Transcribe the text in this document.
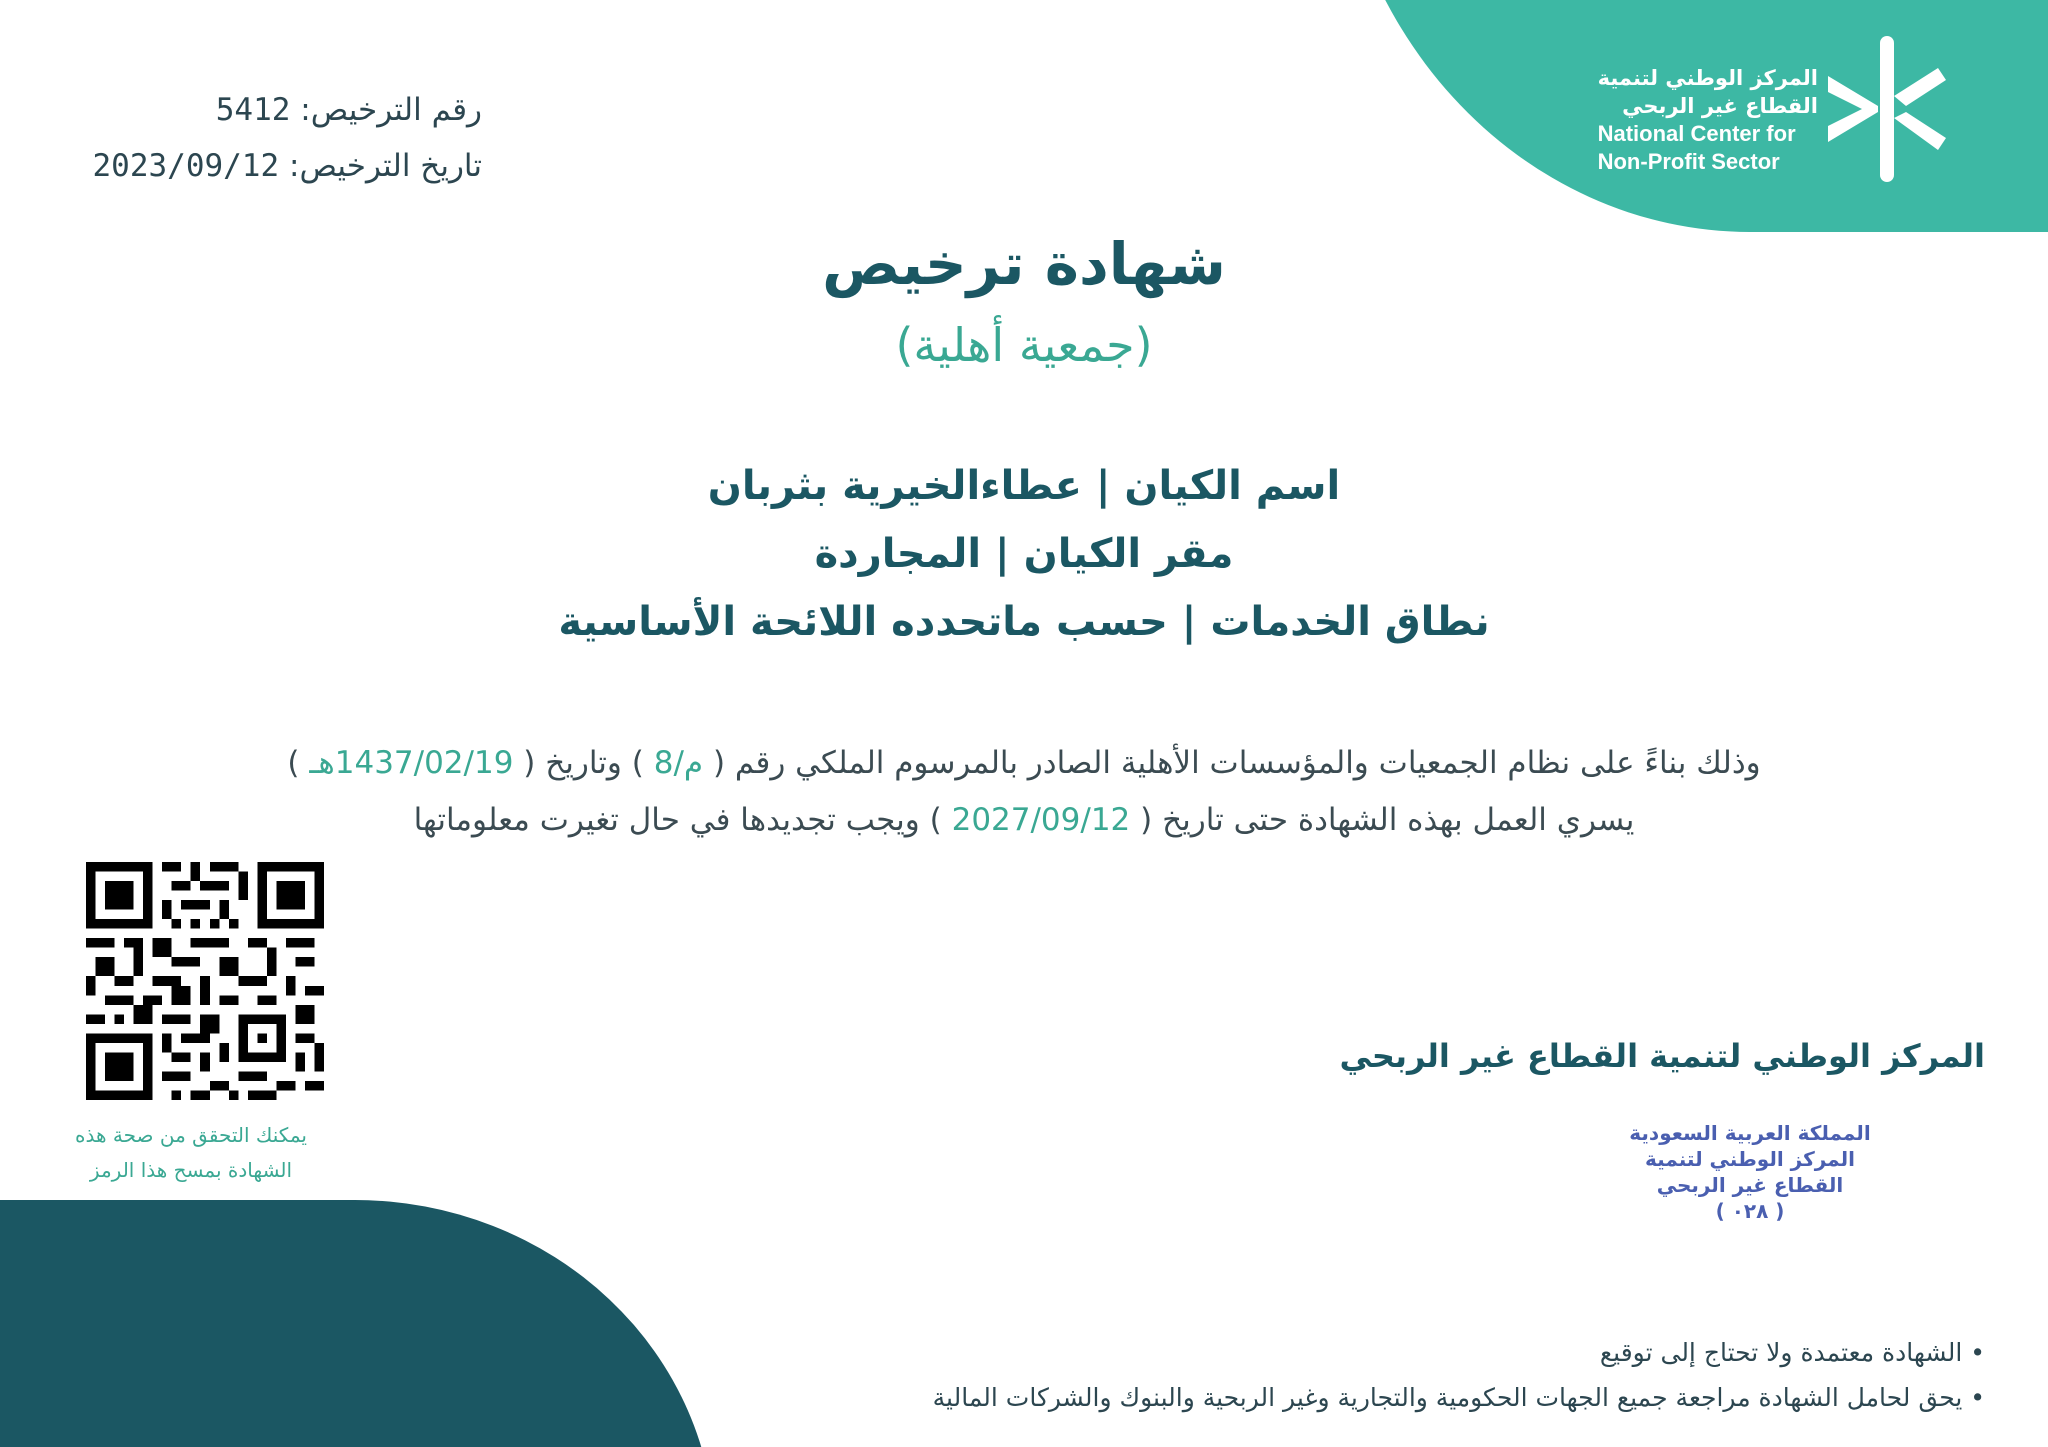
المركز الوطني لتنمية
القطاع غير الربحي
National Center for
Non-Profit Sector
رقم الترخيص: 5412
تاريخ الترخيص: 2023/09/12
شهادة ترخيص
(جمعية أهلية)
اسم الكيان | عطاءالخيرية بثربان
مقر الكيان | المجاردة
نطاق الخدمات | حسب ماتحدده اللائحة الأساسية
وذلك بناءً على نظام الجمعيات والمؤسسات الأهلية الصادر بالمرسوم الملكي رقم ( م/8 ) وتاريخ ( 1437/02/19هـ )
يسري العمل بهذه الشهادة حتى تاريخ ( 2027/09/12 ) ويجب تجديدها في حال تغيرت معلوماتها
يمكنك التحقق من صحة هذه
الشهادة بمسح هذا الرمز
المركز الوطني لتنمية القطاع غير الربحي
المملكة العربية السعودية
المركز الوطني لتنمية
القطاع غير الربحي
( ٠٢٨ )
• الشهادة معتمدة ولا تحتاج إلى توقيع
• يحق لحامل الشهادة مراجعة جميع الجهات الحكومية والتجارية وغير الربحية والبنوك والشركات المالية
